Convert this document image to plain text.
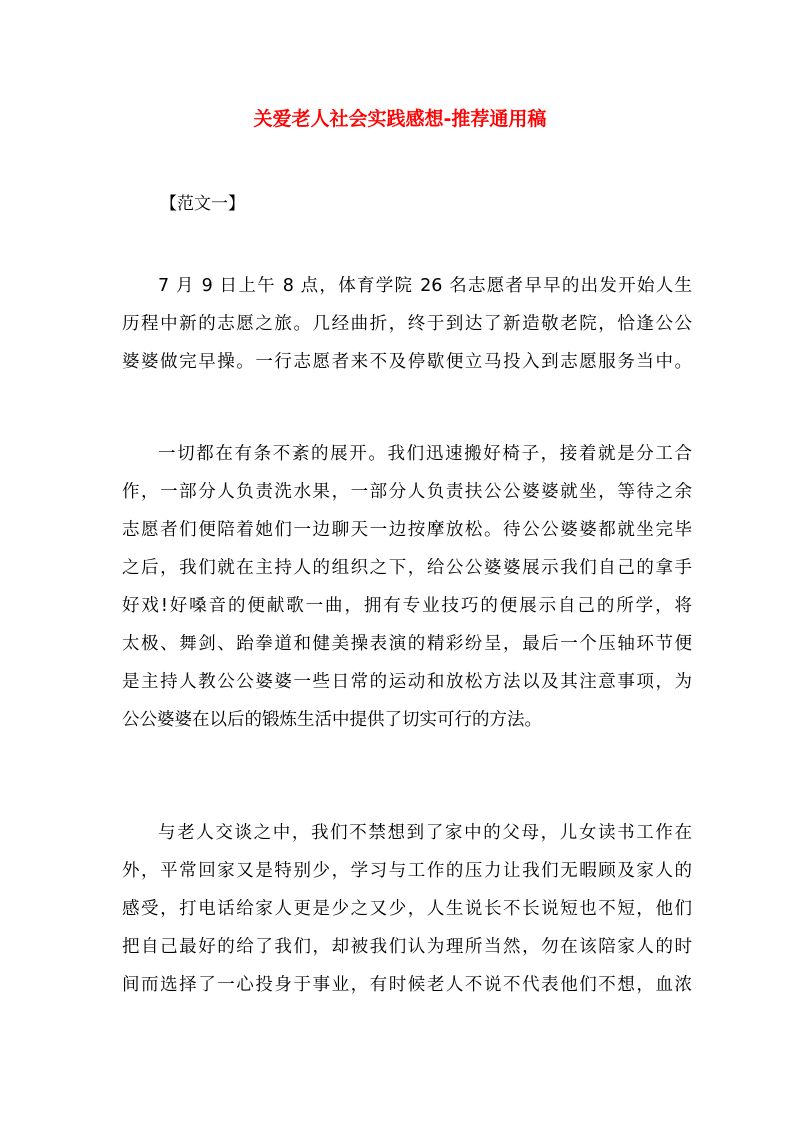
关爱老人社会实践感想-推荐通用稿
【范文一】
7 月 9 日上午 8 点，体育学院 26 名志愿者早早的出发开始人生
历程中新的志愿之旅。几经曲折，终于到达了新造敬老院，恰逢公公
婆婆做完早操。一行志愿者来不及停歇便立马投入到志愿服务当中。
一切都在有条不紊的展开。我们迅速搬好椅子，接着就是分工合
作，一部分人负责洗水果，一部分人负责扶公公婆婆就坐，等待之余
志愿者们便陪着她们一边聊天一边按摩放松。待公公婆婆都就坐完毕
之后，我们就在主持人的组织之下，给公公婆婆展示我们自己的拿手
好戏!好嗓音的便献歌一曲，拥有专业技巧的便展示自己的所学，将
太极、舞剑、跆拳道和健美操表演的精彩纷呈，最后一个压轴环节便
是主持人教公公婆婆一些日常的运动和放松方法以及其注意事项，为
公公婆婆在以后的锻炼生活中提供了切实可行的方法。
与老人交谈之中，我们不禁想到了家中的父母，儿女读书工作在
外，平常回家又是特别少，学习与工作的压力让我们无暇顾及家人的
感受，打电话给家人更是少之又少，人生说长不长说短也不短，他们
把自己最好的给了我们，却被我们认为理所当然，勿在该陪家人的时
间而选择了一心投身于事业，有时候老人不说不代表他们不想，血浓
